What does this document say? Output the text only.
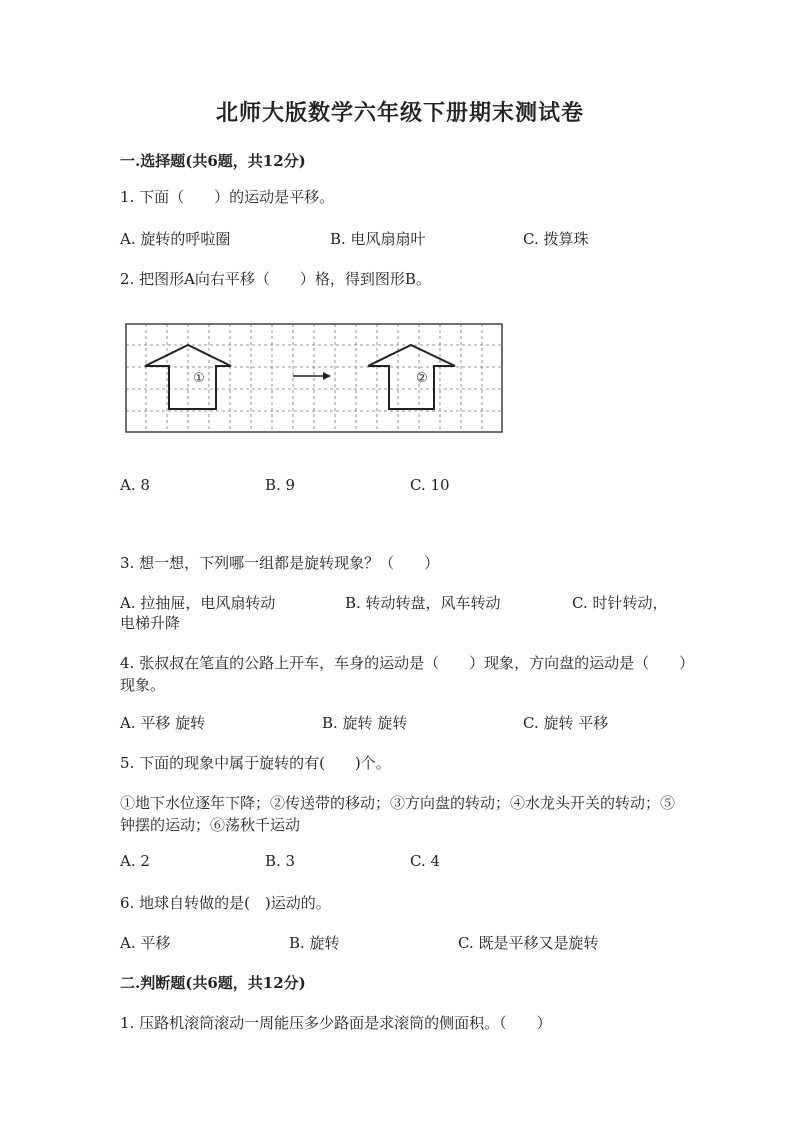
北师大版数学六年级下册期末测试卷
一.选择题(共6题，共12分)
1. 下面（　　）的运动是平移。
A. 旋转的呼啦圈	B. 电风扇扇叶	C. 拨算珠
2. 把图形A向右平移（　　）格，得到图形B。
①	②
A. 8	B. 9	C. 10
3. 想一想，下列哪一组都是旋转现象？（　　）
A. 拉抽屉，电风扇转动	B. 转动转盘，风车转动	C. 时针转动，
电梯升降
4. 张叔叔在笔直的公路上开车，车身的运动是（　　）现象，方向盘的运动是（　　）现象。
A. 平移 旋转	B. 旋转 旋转	C. 旋转 平移
5. 下面的现象中属于旋转的有(　　)个。
①地下水位逐年下降；②传送带的移动；③方向盘的转动；④水龙头开关的转动；⑤钟摆的运动；⑥荡秋千运动
A. 2	B. 3	C. 4
6. 地球自转做的是(　)运动的。
A. 平移	B. 旋转	C. 既是平移又是旋转
二.判断题(共6题，共12分)
1. 压路机滚筒滚动一周能压多少路面是求滚筒的侧面积。（　　）
